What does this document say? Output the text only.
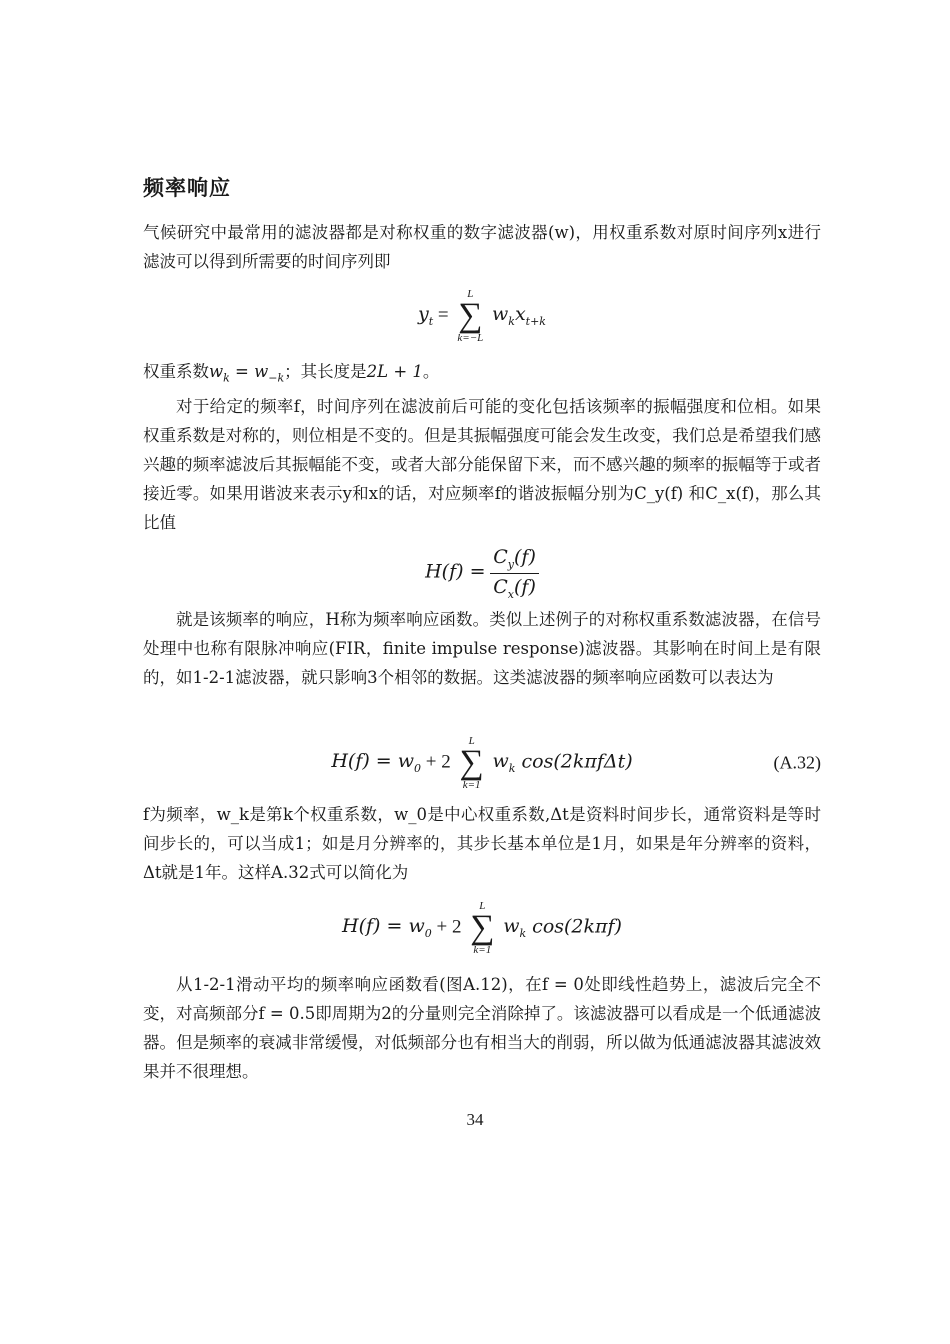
频率响应

气候研究中最常用的滤波器都是对称权重的数字滤波器(w)，用权重系数对原时间序列x进行滤波可以得到所需要的时间序列即

$y_t$ =
L
∑
k=−L
$w_kx_{t+k}$

权重系数$w_k = w_{-k}$；其长度是2L + 1。

对于给定的频率f，时间序列在滤波前后可能的变化包括该频率的振幅强度和位相。如果权重系数是对称的，则位相是不变的。但是其振幅强度可能会发生改变，我们总是希望我们感兴趣的频率滤波后其振幅能不变，或者大部分能保留下来，而不感兴趣的频率的振幅等于或者接近零。如果用谐波来表示y和x的话，对应频率f的谐波振幅分别为C_y(f) 和C_x(f)，那么其比值

$H(f) = \frac{C_y(f)}{C_x(f)}$

就是该频率的响应，H称为频率响应函数。类似上述例子的对称权重系数滤波器，在信号处理中也称有限脉冲响应(FIR，finite impulse response)滤波器。其影响在时间上是有限的，如1-2-1滤波器，就只影响3个相邻的数据。这类滤波器的频率响应函数可以表达为

$H(f) = w_0 + 2$
L
∑
k=1
$w_k$ cos(2kπfΔt)	(A.32)

f为频率，w_k是第k个权重系数，w_0是中心权重系数,Δt是资料时间步长，通常资料是等时间步长的，可以当成1；如是月分辨率的，其步长基本单位是1月，如果是年分辨率的资料，Δt就是1年。这样A.32式可以简化为

$H(f) = w_0 + 2$
L
∑
k=1
$w_k$ cos(2kπf)

从1-2-1滑动平均的频率响应函数看(图A.12)，在f = 0处即线性趋势上，滤波后完全不变，对高频部分f = 0.5即周期为2的分量则完全消除掉了。该滤波器可以看成是一个低通滤波器。但是频率的衰减非常缓慢，对低频部分也有相当大的削弱，所以做为低通滤波器其滤波效果并不很理想。

34
